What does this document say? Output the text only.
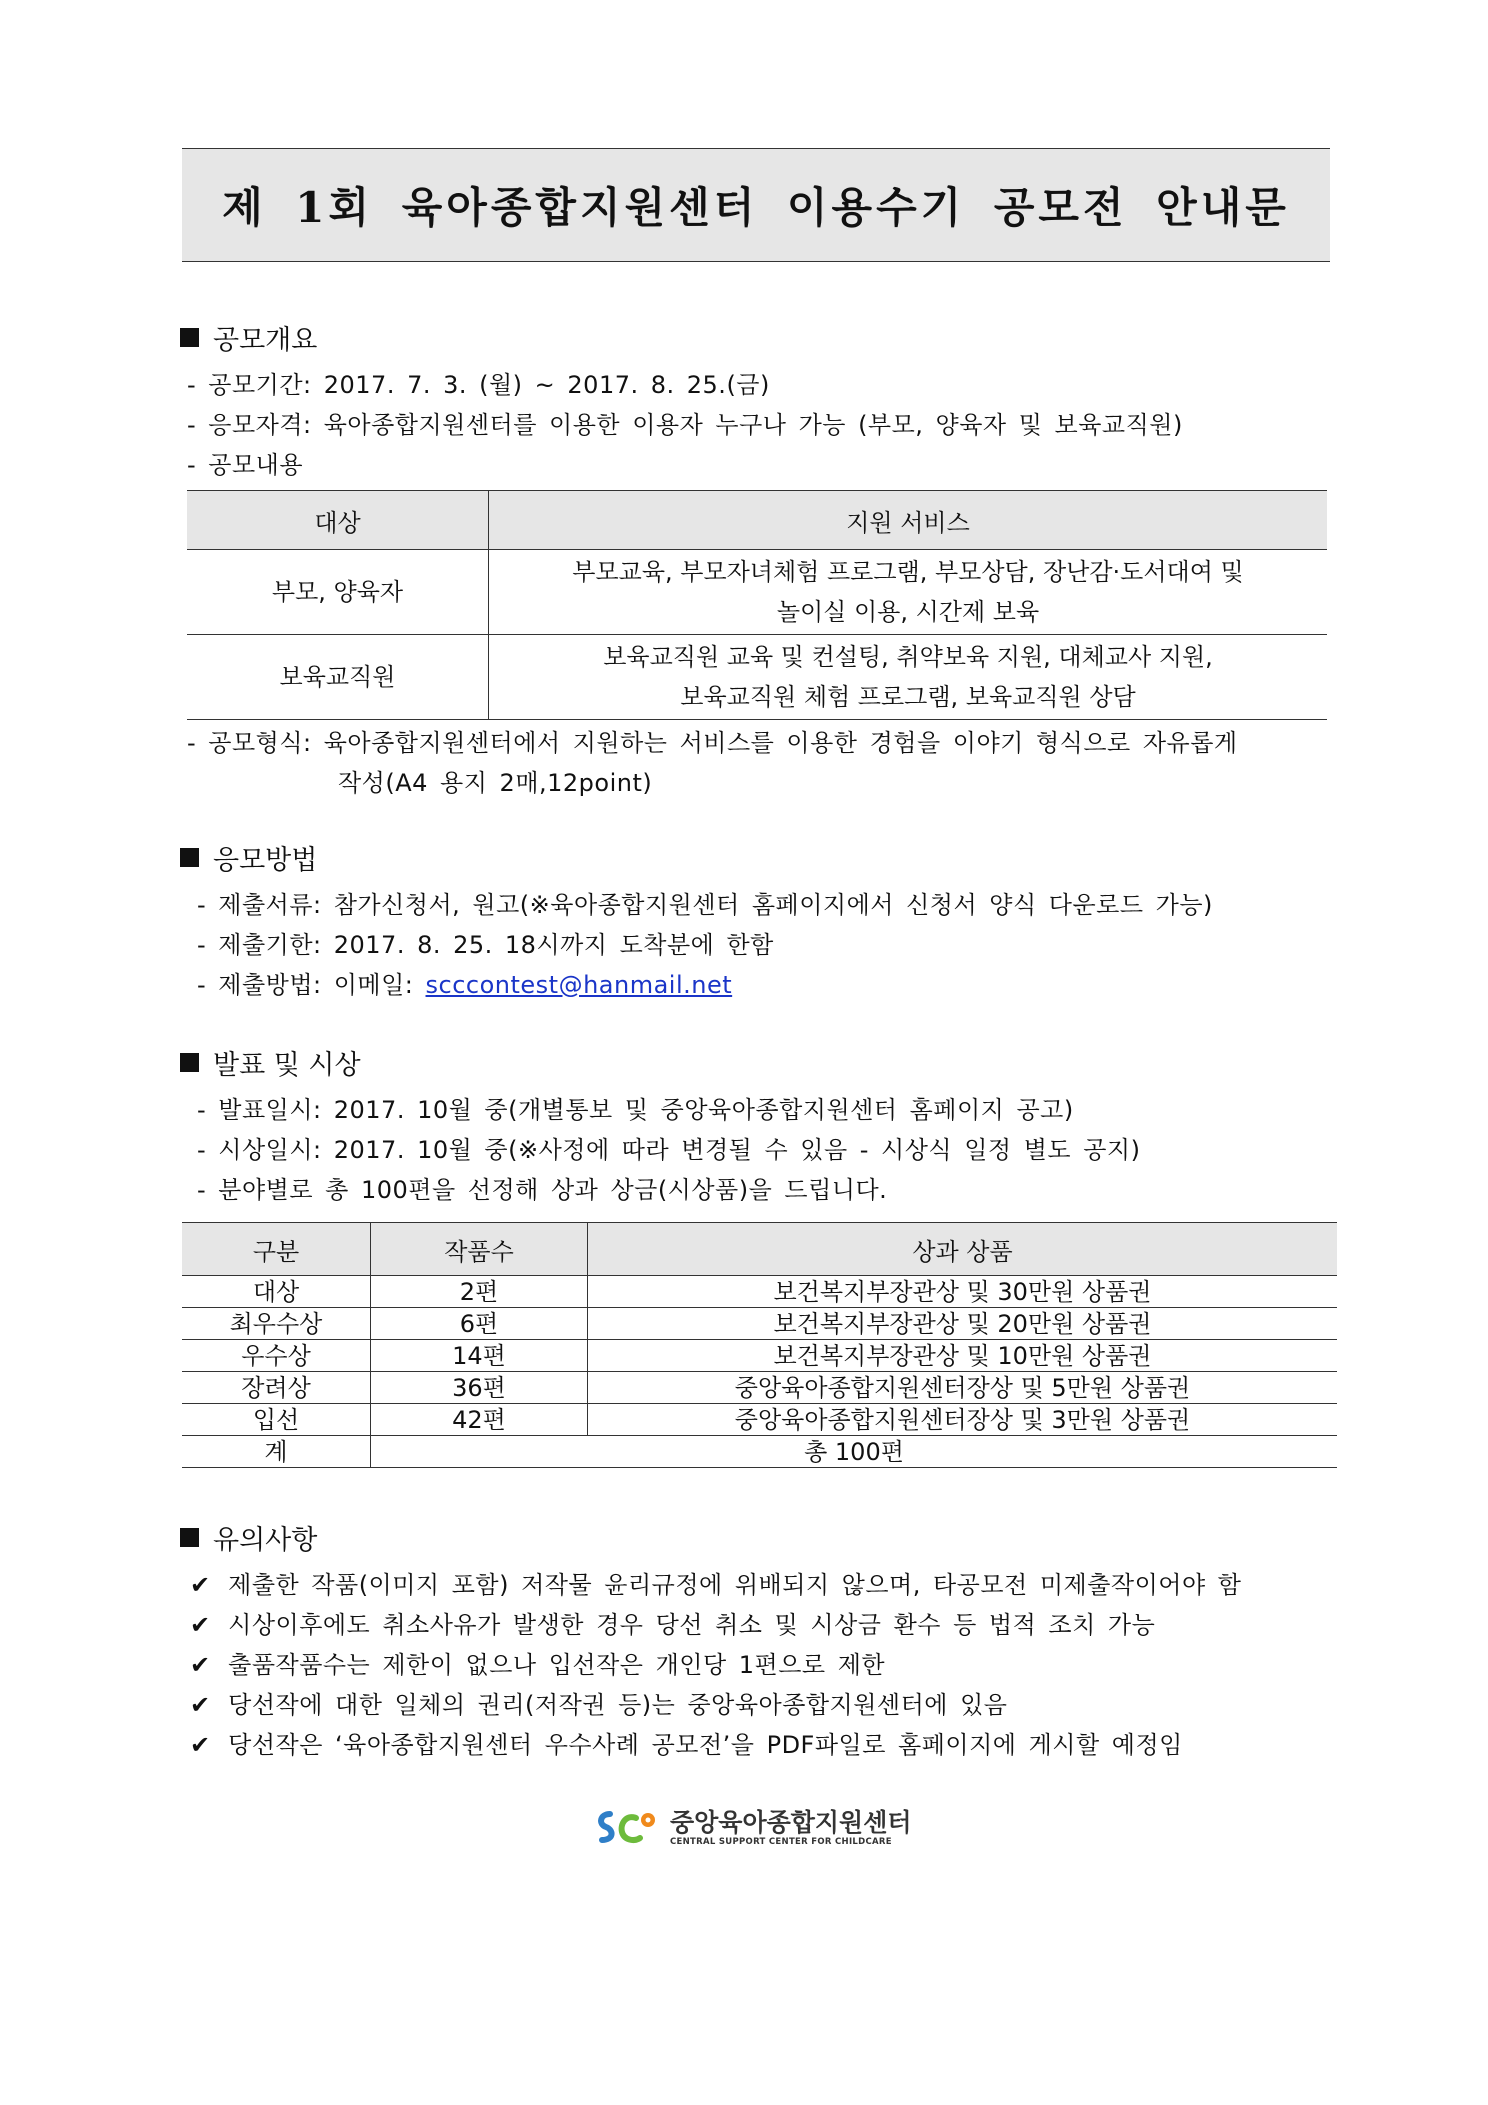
제 1회 육아종합지원센터 이용수기 공모전 안내문
공모개요
- 공모기간: 2017. 7. 3. (월) ~ 2017. 8. 25.(금)
- 응모자격: 육아종합지원센터를 이용한 이용자 누구나 가능 (부모, 양육자 및 보육교직원)
- 공모내용
대상	지원 서비스
부모, 양육자	부모교육, 부모자녀체험 프로그램, 부모상담, 장난감·도서대여 및
놀이실 이용, 시간제 보육

보육교직원	보육교직원 교육 및 컨설팅, 취약보육 지원, 대체교사 지원,
보육교직원 체험 프로그램, 보육교직원 상담
- 공모형식: 육아종합지원센터에서 지원하는 서비스를 이용한 경험을 이야기 형식으로 자유롭게
작성(A4 용지 2매,12point)
응모방법
- 제출서류: 참가신청서, 원고(※육아종합지원센터 홈페이지에서 신청서 양식 다운로드 가능)
- 제출기한: 2017. 8. 25. 18시까지 도착분에 한함
- 제출방법: 이메일: scccontest@hanmail.net
발표 및 시상
- 발표일시: 2017. 10월 중(개별통보 및 중앙육아종합지원센터 홈페이지 공고)
- 시상일시: 2017. 10월 중(※사정에 따라 변경될 수 있음 - 시상식 일정 별도 공지)
- 분야별로 총 100편을 선정해 상과 상금(시상품)을 드립니다.
구분	작품수	상과 상품
대상	2편	보건복지부장관상 및 30만원 상품권
최우수상	6편	보건복지부장관상 및 20만원 상품권
우수상	14편	보건복지부장관상 및 10만원 상품권
장려상	36편	중앙육아종합지원센터장상 및 5만원 상품권
입선	42편	중앙육아종합지원센터장상 및 3만원 상품권
계	총 100편	
유의사항
✔ 제출한 작품(이미지 포함) 저작물 윤리규정에 위배되지 않으며, 타공모전 미제출작이어야 함
✔ 시상이후에도 취소사유가 발생한 경우 당선 취소 및 시상금 환수 등 법적 조치 가능
✔ 출품작품수는 제한이 없으나 입선작은 개인당 1편으로 제한
✔ 당선작에 대한 일체의 권리(저작권 등)는 중앙육아종합지원센터에 있음
✔ 당선작은 ‘육아종합지원센터 우수사례 공모전’을 PDF파일로 홈페이지에 게시할 예정임
중앙육아종합지원센터
CENTRAL SUPPORT CENTER FOR CHILDCARE
